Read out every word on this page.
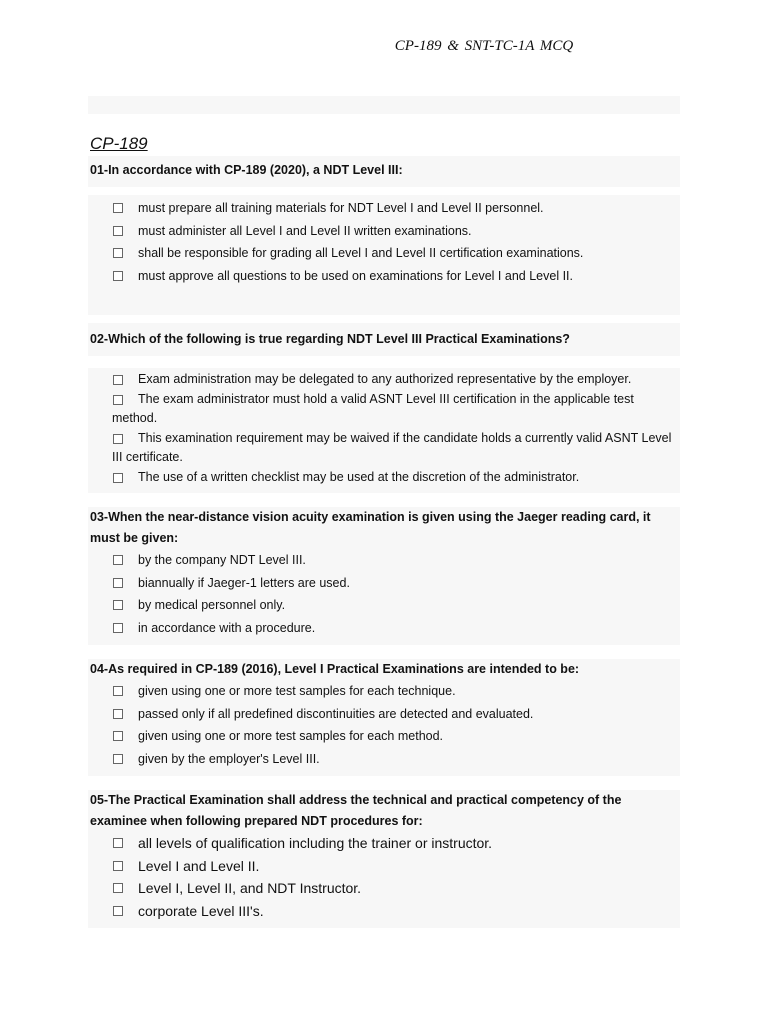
CP-189 & SNT-TC-1A MCQ
CP-189
01-In accordance with CP-189 (2020), a NDT Level III:
must prepare all training materials for NDT Level I and Level II personnel.
must administer all Level I and Level II written examinations.
shall be responsible for grading all Level I and Level II certification examinations.
must approve all questions to be used on examinations for Level I and Level II.
02-Which of the following is true regarding NDT Level III Practical Examinations?
Exam administration may be delegated to any authorized representative by the employer.
The exam administrator must hold a valid ASNT Level III certification in the applicable test method.
This examination requirement may be waived if the candidate holds a currently valid ASNT Level III certificate.
The use of a written checklist may be used at the discretion of the administrator.
03-When the near-distance vision acuity examination is given using the Jaeger reading card, it must be given:
by the company NDT Level III.
biannually if Jaeger-1 letters are used.
by medical personnel only.
in accordance with a procedure.
04-As required in CP-189 (2016), Level I Practical Examinations are intended to be:
given using one or more test samples for each technique.
passed only if all predefined discontinuities are detected and evaluated.
given using one or more test samples for each method.
given by the employer's Level III.
05-The Practical Examination shall address the technical and practical competency of the examinee when following prepared NDT procedures for:
all levels of qualification including the trainer or instructor.
Level I and Level II.
Level I, Level II, and NDT Instructor.
corporate Level III's.
